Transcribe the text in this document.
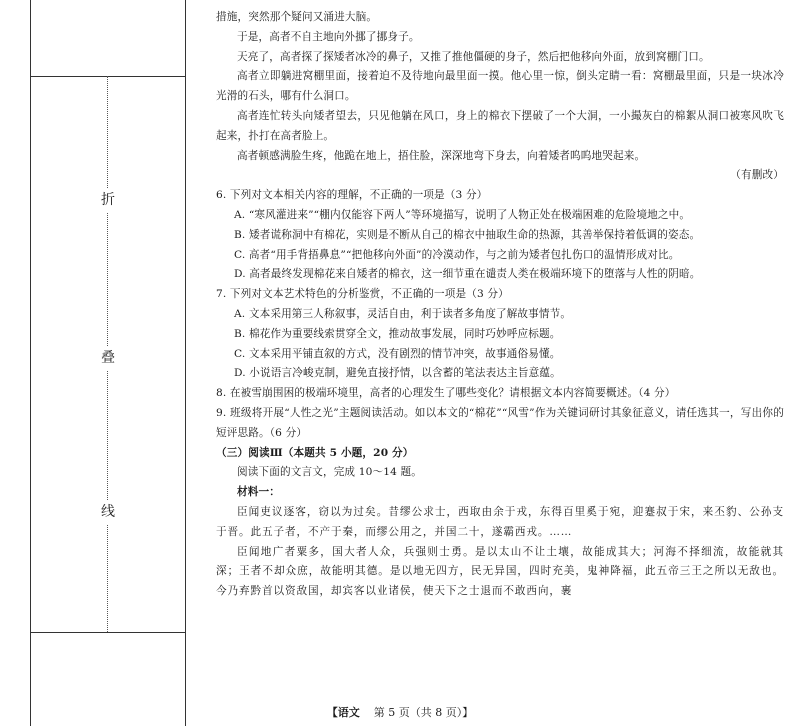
折
叠
线

措施，突然那个疑问又涌进大脑。

于是，高者不自主地向外挪了挪身子。

天亮了，高者探了探矮者冰冷的鼻子，又推了推他僵硬的身子，然后把他移向外面，放到窝棚门口。

高者立即躺进窝棚里面，接着迫不及待地向最里面一摸。他心里一惊，倒头定睛一看：窝棚最里面，只是一块冰冷光滑的石头，哪有什么洞口。

高者连忙转头向矮者望去，只见他躺在风口，身上的棉衣下摆破了一个大洞，一小撮灰白的棉絮从洞口被寒风吹飞起来，扑打在高者脸上。

高者顿感满脸生疼，他跪在地上，捂住脸，深深地弯下身去，向着矮者呜呜地哭起来。

（有删改）

6. 下列对文本相关内容的理解，不正确的一项是（3 分）

A. “寒风灌进来”“棚内仅能容下两人”等环境描写，说明了人物正处在极端困难的危险境地之中。

B. 矮者谎称洞中有棉花，实则是不断从自己的棉衣中抽取生命的热源，其善举保持着低调的姿态。

C. 高者“用手背捂鼻息”“把他移向外面”的冷漠动作，与之前为矮者包扎伤口的温情形成对比。

D. 高者最终发现棉花来自矮者的棉衣，这一细节重在谴责人类在极端环境下的堕落与人性的阴暗。

7. 下列对文本艺术特色的分析鉴赏，不正确的一项是（3 分）

A. 文本采用第三人称叙事，灵活自由，利于读者多角度了解故事情节。

B. 棉花作为重要线索贯穿全文，推动故事发展，同时巧妙呼应标题。

C. 文本采用平铺直叙的方式，没有剧烈的情节冲突，故事通俗易懂。

D. 小说语言冷峻克制，避免直接抒情，以含蓄的笔法表达主旨意蕴。

8. 在被雪崩围困的极端环境里，高者的心理发生了哪些变化？请根据文本内容简要概述。（4 分）

9. 班级将开展“人性之光”主题阅读活动。如以本文的“棉花”“风雪”作为关键词研讨其象征意义，请任选其一，写出你的短评思路。（6 分）

（三）阅读Ⅲ（本题共 5 小题，20 分）

阅读下面的文言文，完成 10～14 题。

材料一：

臣闻吏议逐客，窃以为过矣。昔缪公求士，西取由余于戎，东得百里奚于宛，迎蹇叔于宋，来丕豹、公孙支于晋。此五子者，不产于秦，而缪公用之，并国二十，遂霸西戎。……

臣闻地广者粟多，国大者人众，兵强则士勇。是以太山不让土壤，故能成其大；河海不择细流，故能就其深；王者不却众庶，故能明其德。是以地无四方，民无异国，四时充美，鬼神降福，此五帝三王之所以无敌也。今乃弃黔首以资敌国，却宾客以业诸侯，使天下之士退而不敢西向，裹

【语文 第 5 页（共 8 页）】
